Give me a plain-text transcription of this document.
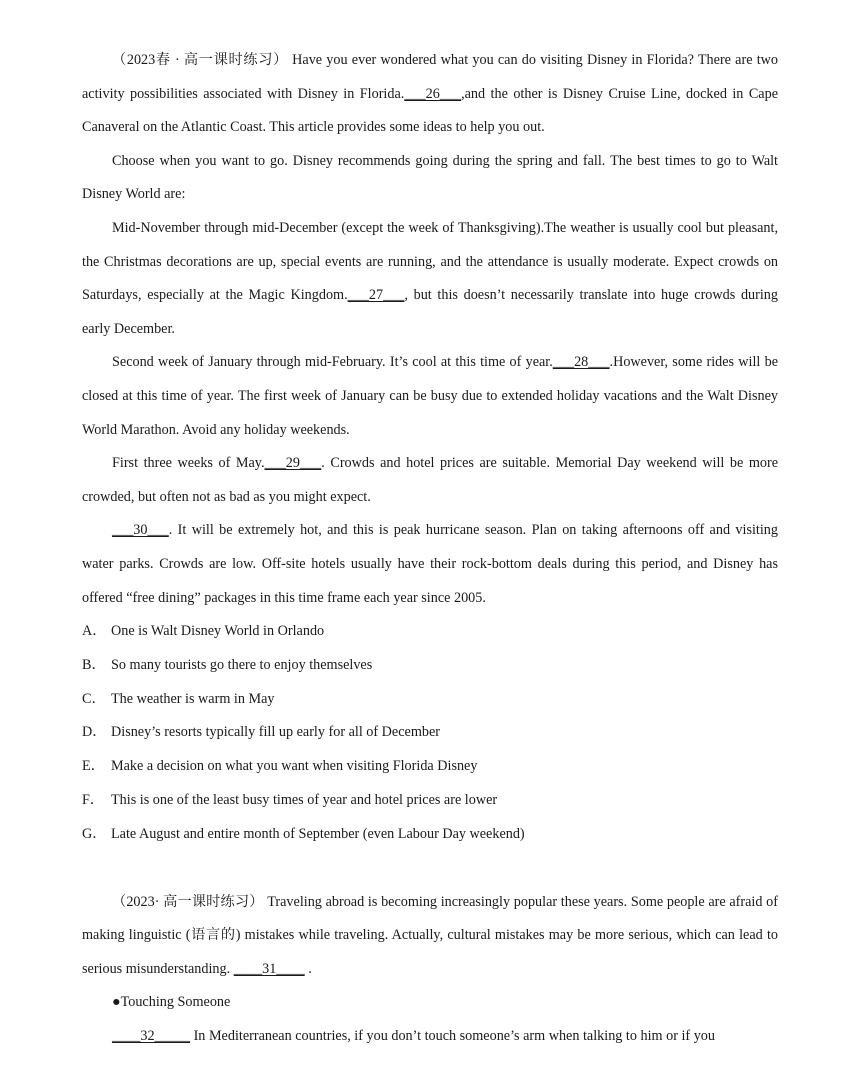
（2023春 · 高一课时练习） Have you ever wondered what you can do visiting Disney in Florida? There are two activity possibilities associated with Disney in Florida.___26___,and the other is Disney Cruise Line, docked in Cape Canaveral on the Atlantic Coast. This article provides some ideas to help you out.

Choose when you want to go. Disney recommends going during the spring and fall. The best times to go to Walt Disney World are:

Mid-November through mid-December (except the week of Thanksgiving).The weather is usually cool but pleasant, the Christmas decorations are up, special events are running, and the attendance is usually moderate. Expect crowds on Saturdays, especially at the Magic Kingdom.___27___, but this doesn’t necessarily translate into huge crowds during early December.

Second week of January through mid-February. It’s cool at this time of year.___28___.However, some rides will be closed at this time of year. The first week of January can be busy due to extended holiday vacations and the Walt Disney World Marathon. Avoid any holiday weekends.

First three weeks of May.___29___. Crowds and hotel prices are suitable. Memorial Day weekend will be more crowded, but often not as bad as you might expect.

___30___. It will be extremely hot, and this is peak hurricane season. Plan on taking afternoons off and visiting water parks. Crowds are low. Off-site hotels usually have their rock-bottom deals during this period, and Disney has offered “free dining” packages in this time frame each year since 2005.

A． One is Walt Disney World in Orlando

B． So many tourists go there to enjoy themselves

C． The weather is warm in May

D． Disney’s resorts typically fill up early for all of December

E． Make a decision on what you want when visiting Florida Disney

F． This is one of the least busy times of year and hotel prices are lower

G． Late August and entire month of September (even Labour Day weekend)

（2023· 高一课时练习） Traveling abroad is becoming increasingly popular these years. Some people are afraid of making linguistic (语言的) mistakes while traveling. Actually, cultural mistakes may be more serious, which can lead to serious misunderstanding. ____31____ .

●Touching Someone

____32_____ In Mediterranean countries, if you don’t touch someone’s arm when talking to him or if you
